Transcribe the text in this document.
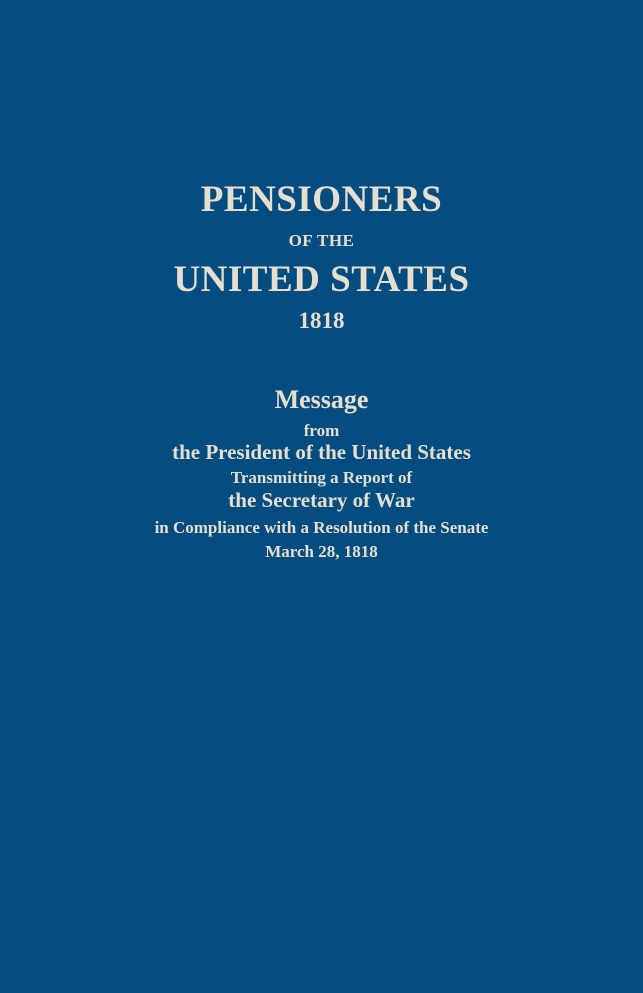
PENSIONERS
OF THE
UNITED STATES
1818
Message
from
the President of the United States
Transmitting a Report of
the Secretary of War
in Compliance with a Resolution of the Senate
March 28, 1818
